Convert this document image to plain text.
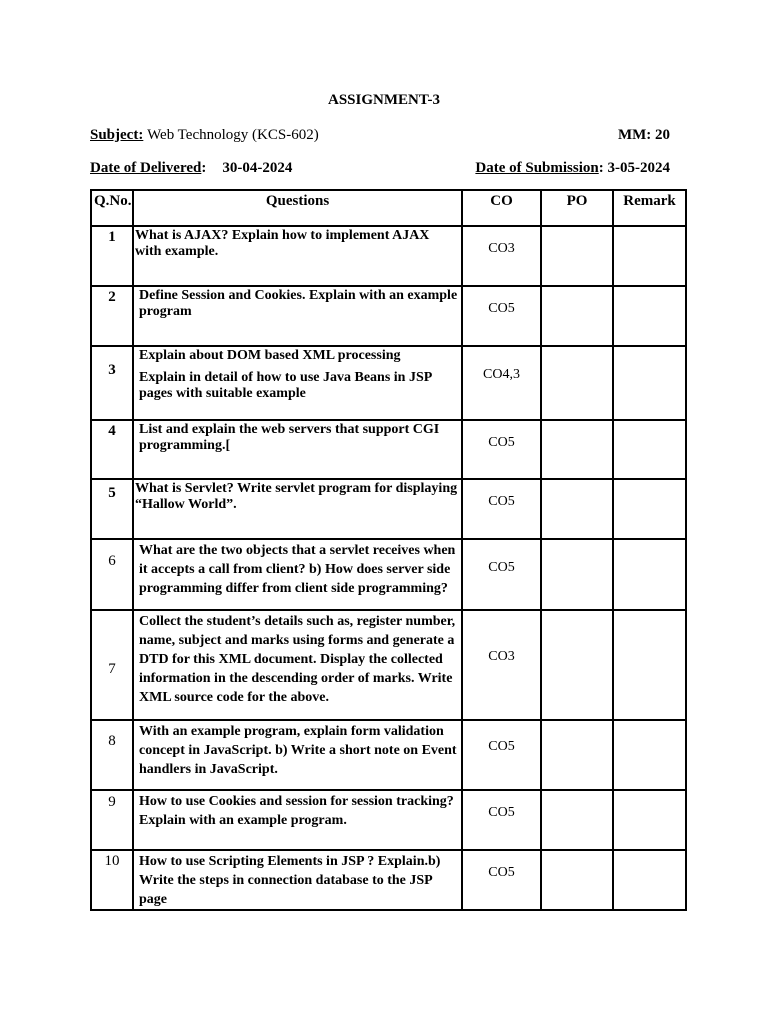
ASSIGNMENT-3
Subject: Web Technology (KCS-602)	MM: 20
Date of Delivered: 30-04-2024	Date of Submission: 3-05-2024
Q.No.	Questions	CO	PO	Remark
1	What is AJAX? Explain how to implement AJAX with example.	CO3		

2	Define Session and Cookies. Explain with an example program	CO5		

3	Explain about DOM based XML processing
Explain in detail of how to use Java Beans in JSP pages with suitable example	CO4,3		

4	List and explain the web servers that support CGI programming.[	CO5		

5	What is Servlet? Write servlet program for displaying “Hallow World”.	CO5		

6	What are the two objects that a servlet receives when it accepts a call from client? b) How does server side programming differ from client side programming?	CO5		

7	Collect the student’s details such as, register number, name, subject and marks using forms and generate a DTD for this XML document. Display the collected information in the descending order of marks. Write XML source code for the above.	CO3		

8	With an example program, explain form validation concept in JavaScript. b) Write a short note on Event handlers in JavaScript.	CO5		

9	How to use Cookies and session for session tracking? Explain with an example program.	CO5		

10	How to use Scripting Elements in JSP ? Explain.b) Write the steps in connection database to the JSP page	CO5		
